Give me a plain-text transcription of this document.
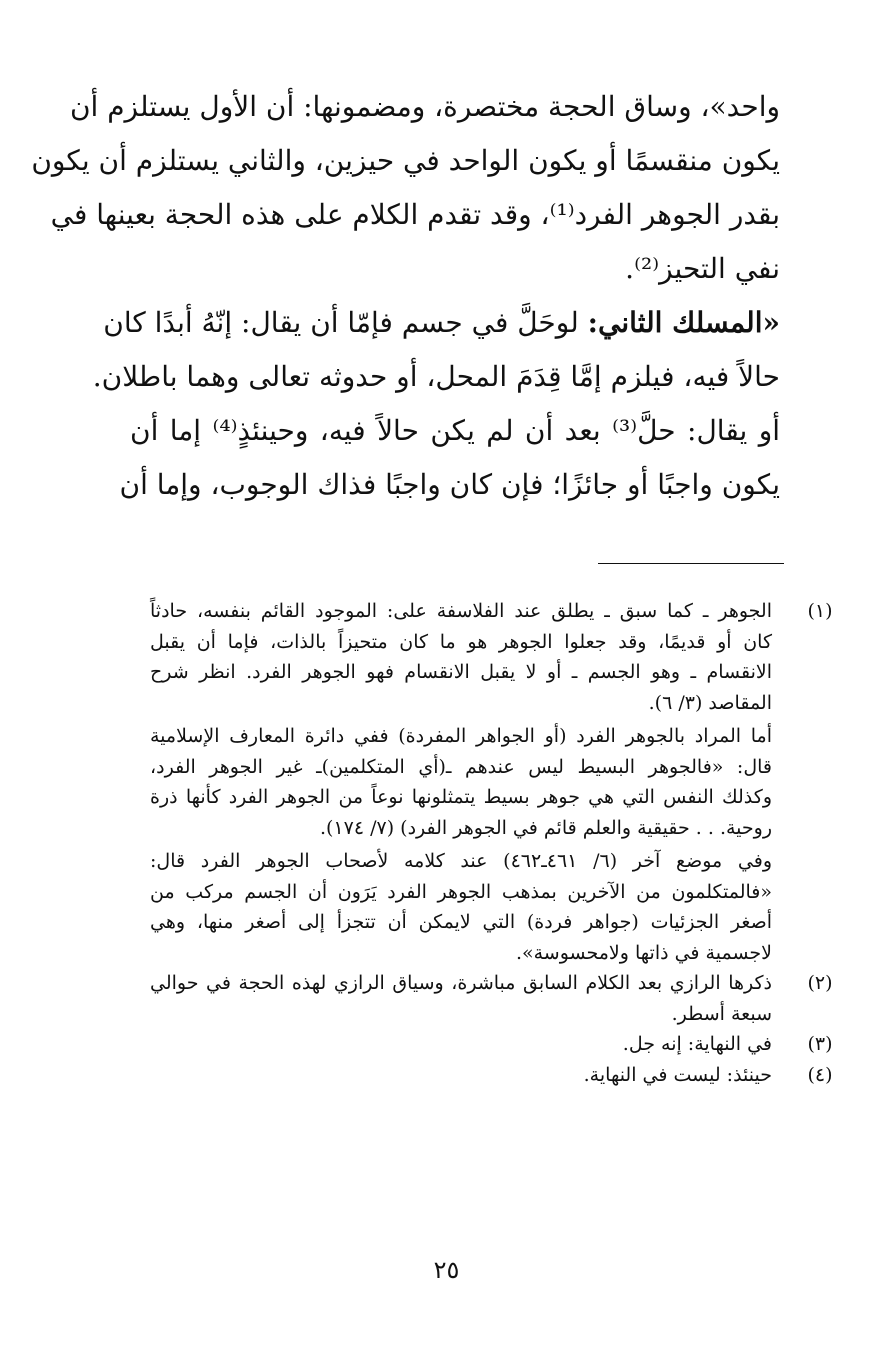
واحد»، وساق الحجة مختصرة، ومضمونها: أن الأول يستلزم أن
يكون منقسمًا أو يكون الواحد في حيزين، والثاني يستلزم أن يكون
بقدر الجوهر الفرد⁽¹⁾، وقد تقدم الكلام على هذه الحجة بعينها في
نفي التحيز⁽²⁾.
«المسلك الثاني: لوحَلَّ في جسم فإمّا أن يقال: إنّهُ أبدًا كان
حالاً فيه، فيلزم إمَّا قِدَمَ المحل، أو حدوثه تعالى وهما باطلان.
أو يقال: حلَّ⁽³⁾ بعد أن لم يكن حالاً فيه، وحينئذٍ⁽⁴⁾ إما أن
يكون واجبًا أو جائزًا؛ فإن كان واجبًا فذاك الوجوب، وإما أن
(١)
الجوهر ـ كما سبق ـ يطلق عند الفلاسفة على: الموجود القائم بنفسه، حادثاً
كان أو قديمًا، وقد جعلوا الجوهر هو ما كان متحيزاً بالذات، فإما أن يقبل
الانقسام ـ وهو الجسم ـ أو لا يقبل الانقسام فهو الجوهر الفرد. انظر شرح
المقاصد (٣/ ٦).
أما المراد بالجوهر الفرد (أو الجواهر المفردة) ففي دائرة المعارف الإسلامية
قال: «فالجوهر البسيط ليس عندهم ـ(أي المتكلمين)ـ غير الجوهر الفرد،
وكذلك النفس التي هي جوهر بسيط يتمثلونها نوعاً من الجوهر الفرد كأنها ذرة
روحية. . . حقيقية والعلم قائم في الجوهر الفرد) (٧/ ١٧٤).
وفي موضع آخر (٦/ ٤٦١ـ٤٦٢) عند كلامه لأصحاب الجوهر الفرد قال:
«فالمتكلمون من الآخرين بمذهب الجوهر الفرد يَرَون أن الجسم مركب من
أصغر الجزئيات (جواهر فردة) التي لايمكن أن تتجزأ إلى أصغر منها، وهي
لاجسمية في ذاتها ولامحسوسة».
(٢)
ذكرها الرازي بعد الكلام السابق مباشرة، وسياق الرازي لهذه الحجة في حوالي
سبعة أسطر.
(٣)
في النهاية: إنه جل.
(٤)
حينئذ: ليست في النهاية.
٢٥
